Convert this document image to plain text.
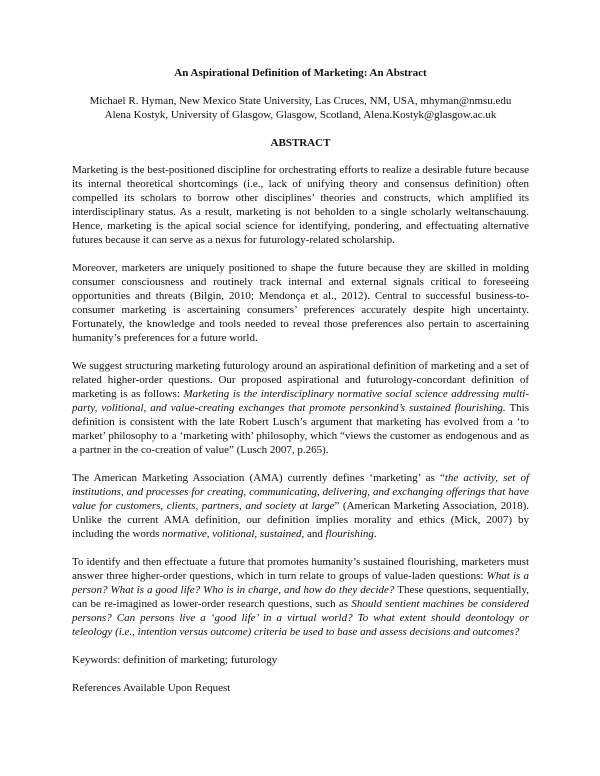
An Aspirational Definition of Marketing: An Abstract

Michael R. Hyman, New Mexico State University, Las Cruces, NM, USA, mhyman@nmsu.edu

Alena Kostyk, University of Glasgow, Glasgow, Scotland, Alena.Kostyk@glasgow.ac.uk

ABSTRACT

Marketing is the best-positioned discipline for orchestrating efforts to realize a desirable future because its internal theoretical shortcomings (i.e., lack of unifying theory and consensus definition) often compelled its scholars to borrow other disciplines’ theories and constructs, which amplified its interdisciplinary status. As a result, marketing is not beholden to a single scholarly weltanschauung. Hence, marketing is the apical social science for identifying, pondering, and effectuating alternative futures because it can serve as a nexus for futurology-related scholarship.

Moreover, marketers are uniquely positioned to shape the future because they are skilled in molding consumer consciousness and routinely track internal and external signals critical to foreseeing opportunities and threats (Bilgin, 2010; Mendonça et al., 2012). Central to successful business-to-consumer marketing is ascertaining consumers’ preferences accurately despite high uncertainty. Fortunately, the knowledge and tools needed to reveal those preferences also pertain to ascertaining humanity’s preferences for a future world.

We suggest structuring marketing futurology around an aspirational definition of marketing and a set of related higher-order questions. Our proposed aspirational and futurology-concordant definition of marketing is as follows: Marketing is the interdisciplinary normative social science addressing multi-party, volitional, and value-creating exchanges that promote personkind’s sustained flourishing. This definition is consistent with the late Robert Lusch’s argument that marketing has evolved from a ‘to market’ philosophy to a ‘marketing with’ philosophy, which “views the customer as endogenous and as a partner in the co-creation of value” (Lusch 2007, p.265).

The American Marketing Association (AMA) currently defines ‘marketing’ as “the activity, set of institutions, and processes for creating, communicating, delivering, and exchanging offerings that have value for customers, clients, partners, and society at large” (American Marketing Association, 2018). Unlike the current AMA definition, our definition implies morality and ethics (Mick, 2007) by including the words normative, volitional, sustained, and flourishing.

To identify and then effectuate a future that promotes humanity’s sustained flourishing, marketers must answer three higher-order questions, which in turn relate to groups of value-laden questions: What is a person? What is a good life? Who is in charge, and how do they decide? These questions, sequentially, can be re-imagined as lower-order research questions, such as Should sentient machines be considered persons? Can persons live a ‘good life’ in a virtual world? To what extent should deontology or teleology (i.e., intention versus outcome) criteria be used to base and assess decisions and outcomes?

Keywords: definition of marketing; futurology

References Available Upon Request
